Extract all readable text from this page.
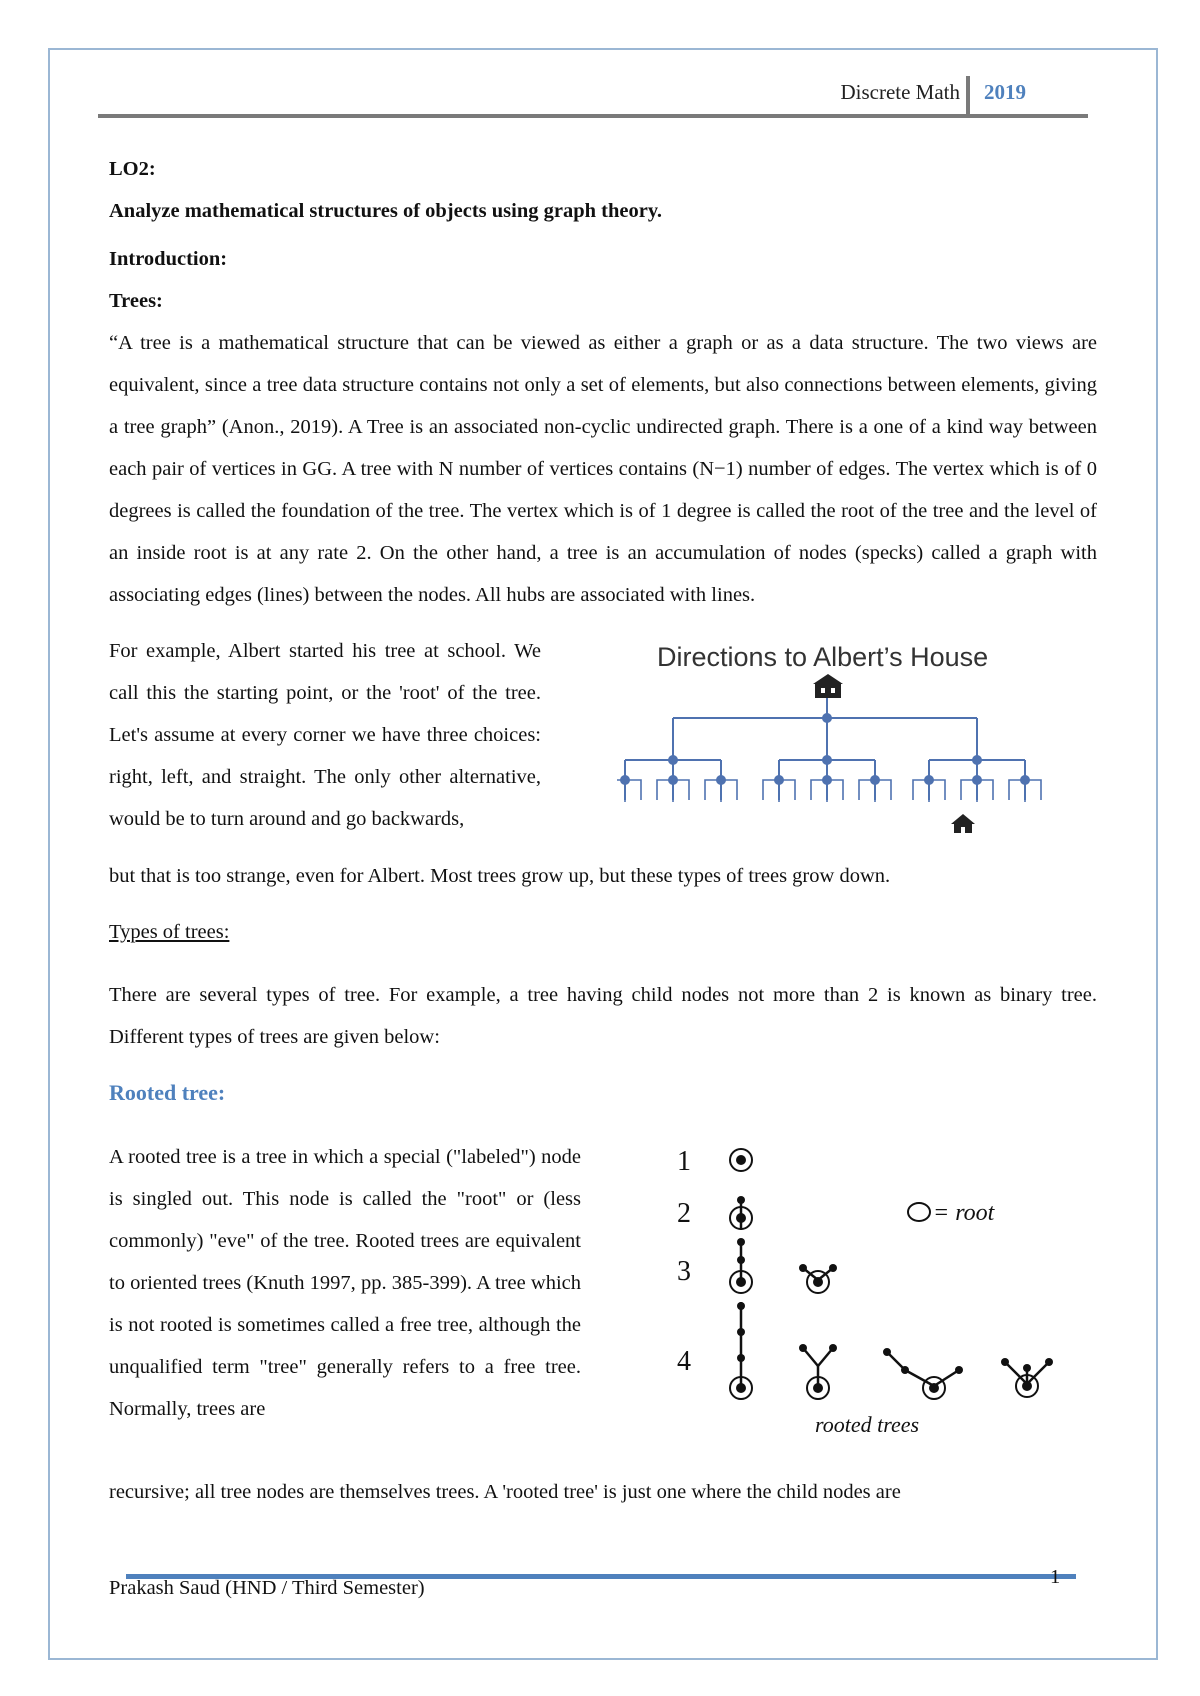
Discrete Math 2019

LO2:

Analyze mathematical structures of objects using graph theory.

Introduction:

Trees:

“A tree is a mathematical structure that can be viewed as either a graph or as a data structure. The two views are equivalent, since a tree data structure contains not only a set of elements, but also connections between elements, giving a tree graph” (Anon., 2019). A Tree is an associated non-cyclic undirected graph. There is a one of a kind way between each pair of vertices in GG. A tree with N number of vertices contains (N−1) number of edges. The vertex which is of 0 degrees is called the foundation of the tree. The vertex which is of 1 degree is called the root of the tree and the level of an inside root is at any rate 2. On the other hand, a tree is an accumulation of nodes (specks) called a graph with associating edges (lines) between the nodes. All hubs are associated with lines.

For example, Albert started his tree at school. We call this the starting point, or the 'root' of the tree. Let's assume at every corner we have three choices: right, left, and straight. The only other alternative, would be to turn around and go backwards,

Directions to Albert’s House

but that is too strange, even for Albert. Most trees grow up, but these types of trees grow down.

Types of trees:

There are several types of tree. For example, a tree having child nodes not more than 2 is known as binary tree. Different types of trees are given below:

Rooted tree:

A rooted tree is a tree in which a special ("labeled") node is singled out. This node is called the "root" or (less commonly) "eve" of the tree. Rooted trees are equivalent to oriented trees (Knuth 1997, pp. 385-399). A tree which is not rooted is sometimes called a free tree, although the unqualified term "tree" generally refers to a free tree. Normally, trees are

1
2
3
4
= root
rooted trees

recursive; all tree nodes are themselves trees. A 'rooted tree' is just one where the child nodes are

Prakash Saud (HND / Third Semester)	1
